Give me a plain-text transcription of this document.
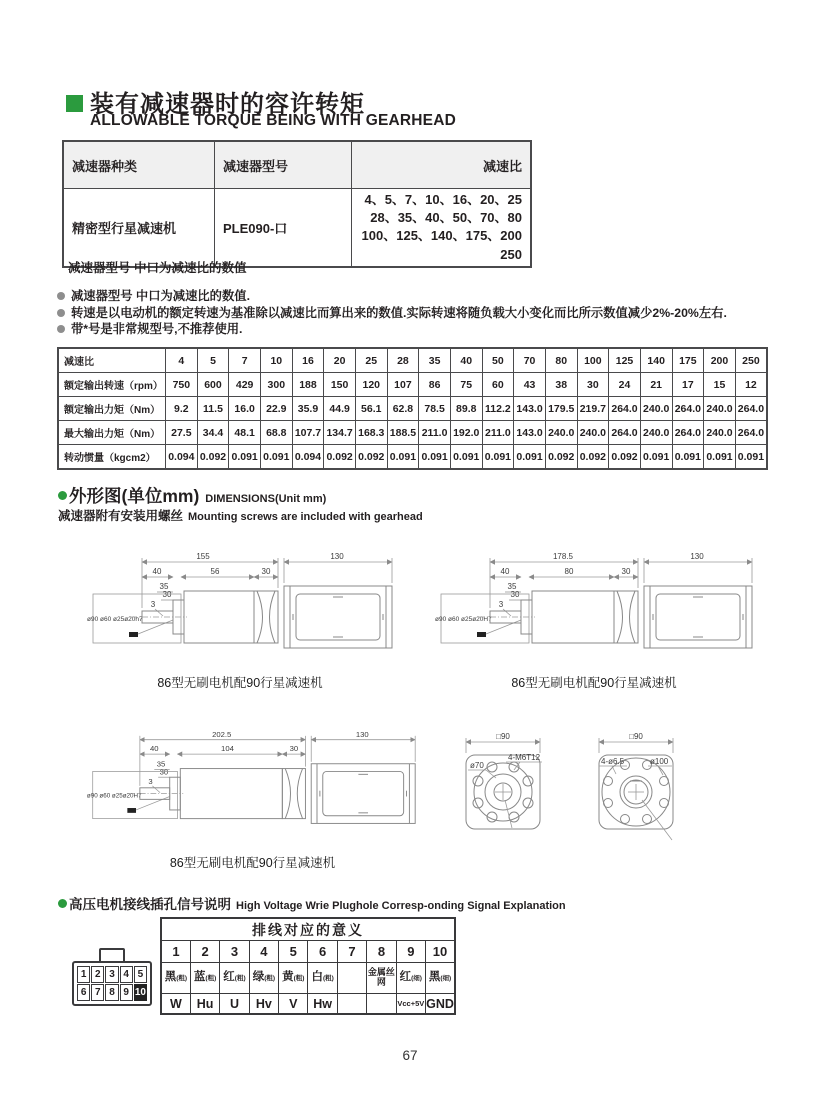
装有减速器时的容许转矩
ALLOWABLE TORQUE BEING WITH GEARHEAD
减速器种类	减速器型号	减速比
精密型行星减速机	PLE090-口	4、5、7、10、16、20、25
28、35、40、50、70、80
100、125、140、175、200
250
减速器型号 中口为减速比的数值
减速器型号 中口为减速比的数值.
转速是以电动机的额定转速为基准除以减速比而算出来的数值.实际转速将随负载大小变化而比所示数值减少2%-20%左右.
带*号是非常规型号,不推荐使用.
减速比	4	5	7	10	16	20	25	28	35	40	50	70	80	100	125	140	175	200	250
额定输出转速（rpm）	750	600	429	300	188	150	120	107	86	75	60	43	38	30	24	21	17	15	12
额定输出力矩（Nm）	9.2	11.5	16.0	22.9	35.9	44.9	56.1	62.8	78.5	89.8	112.2	143.0	179.5	219.7	264.0	240.0	264.0	240.0	264.0
最大输出力矩（Nm）	27.5	34.4	48.1	68.8	107.7	134.7	168.3	188.5	211.0	192.0	211.0	143.0	240.0	240.0	264.0	240.0	264.0	240.0	264.0
转动惯量（kgcm2）	0.094	0.092	0.091	0.091	0.094	0.092	0.092	0.091	0.091	0.091	0.091	0.091	0.092	0.092	0.092	0.091	0.091	0.091	0.091
外形图(单位mm) DIMENSIONS(Unit mm)
减速器附有安装用螺丝 Mounting screws are included with gearhead
155	130
40	56	30
35
30
3
ø90 ø60 ø25ø20h7
86型无刷电机配90行星减速机
178.5	130
40	80	30
35
30
3
ø90 ø60 ø25ø20H7
86型无刷电机配90行星减速机
202.5	130
40	104	30
35
30
3
ø90 ø60 ø25ø20H7
86型无刷电机配90行星减速机
□90
ø70
4-M6T12
□90
4-ø6.5	ø100
高压电机接线插孔信号说明 High Voltage Wrie Plughole Corresp-onding Signal Explanation
1 2 3 4 5
6 7 8 9 10
排线对应的意义									
1	2	3	4	5	6	7	8	9	10
黑(粗)	蓝(粗)	红(粗)	绿(粗)	黄(粗)	白(粗)		金属丝网	红(细)	黑(细)
W	Hu	U	Hv	V	Hw			Vcc+5V	GND
67
